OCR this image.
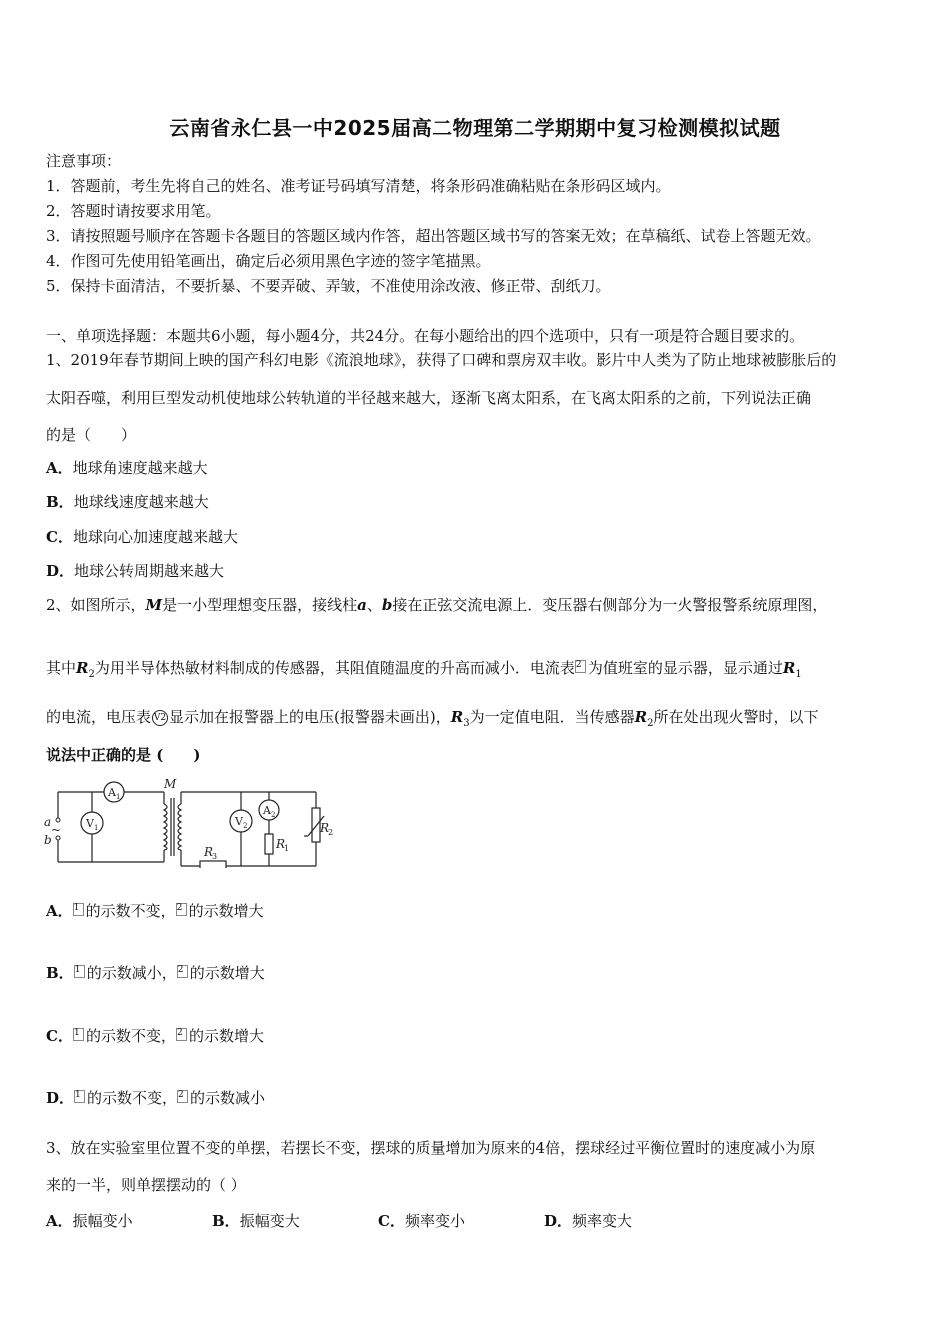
云南省永仁县一中2025届高二物理第二学期期中复习检测模拟试题
注意事项：
1．答题前，考生先将自己的姓名、准考证号码填写清楚，将条形码准确粘贴在条形码区域内。
2．答题时请按要求用笔。
3．请按照题号顺序在答题卡各题目的答题区域内作答，超出答题区域书写的答案无效；在草稿纸、试卷上答题无效。
4．作图可先使用铅笔画出，确定后必须用黑色字迹的签字笔描黑。
5．保持卡面清洁，不要折暴、不要弄破、弄皱，不准使用涂改液、修正带、刮纸刀。
一、单项选择题：本题共6小题，每小题4分，共24分。在每小题给出的四个选项中，只有一项是符合题目要求的。
1、2019年春节期间上映的国产科幻电影《流浪地球》，获得了口碑和票房双丰收。影片中人类为了防止地球被膨胀后的
太阳吞噬，利用巨型发动机使地球公转轨道的半径越来越大，逐渐飞离太阳系，在飞离太阳系的之前，下列说法正确
的是（　　）
A．地球角速度越来越大
B．地球线速度越来越大
C．地球向心加速度越来越大
D．地球公转周期越来越大
2、如图所示，M是一小型理想变压器，接线柱a、b接在正弦交流电源上．变压器右侧部分为一火警报警系统原理图，
其中$R_2$为用半导体热敏材料制成的传感器，其阻值随温度的升高而减小．电流表2 为值班室的显示器，显示通过$R_1$
的电流，电压表 V2 显示加在报警器上的电压(报警器未画出)，$R_3$为一定值电阻．当传感器$R_2$所在处出现火警时，以下
说法中正确的是 (　　)
a
b
~
A 1
V 1
M
V 2
A 2
R
1
R
2
R
3
A．1 的示数不变，2 的示数增大
B．1 的示数减小，2 的示数增大
C．1 的示数不变，2 的示数增大
D．1 的示数不变，2 的示数减小
3、放在实验室里位置不变的单摆，若摆长不变，摆球的质量增加为原来的4倍，摆球经过平衡位置时的速度减小为原
来的一半，则单摆摆动的（ ）
A．振幅变小	B．振幅变大	C．频率变小	D．频率变大
